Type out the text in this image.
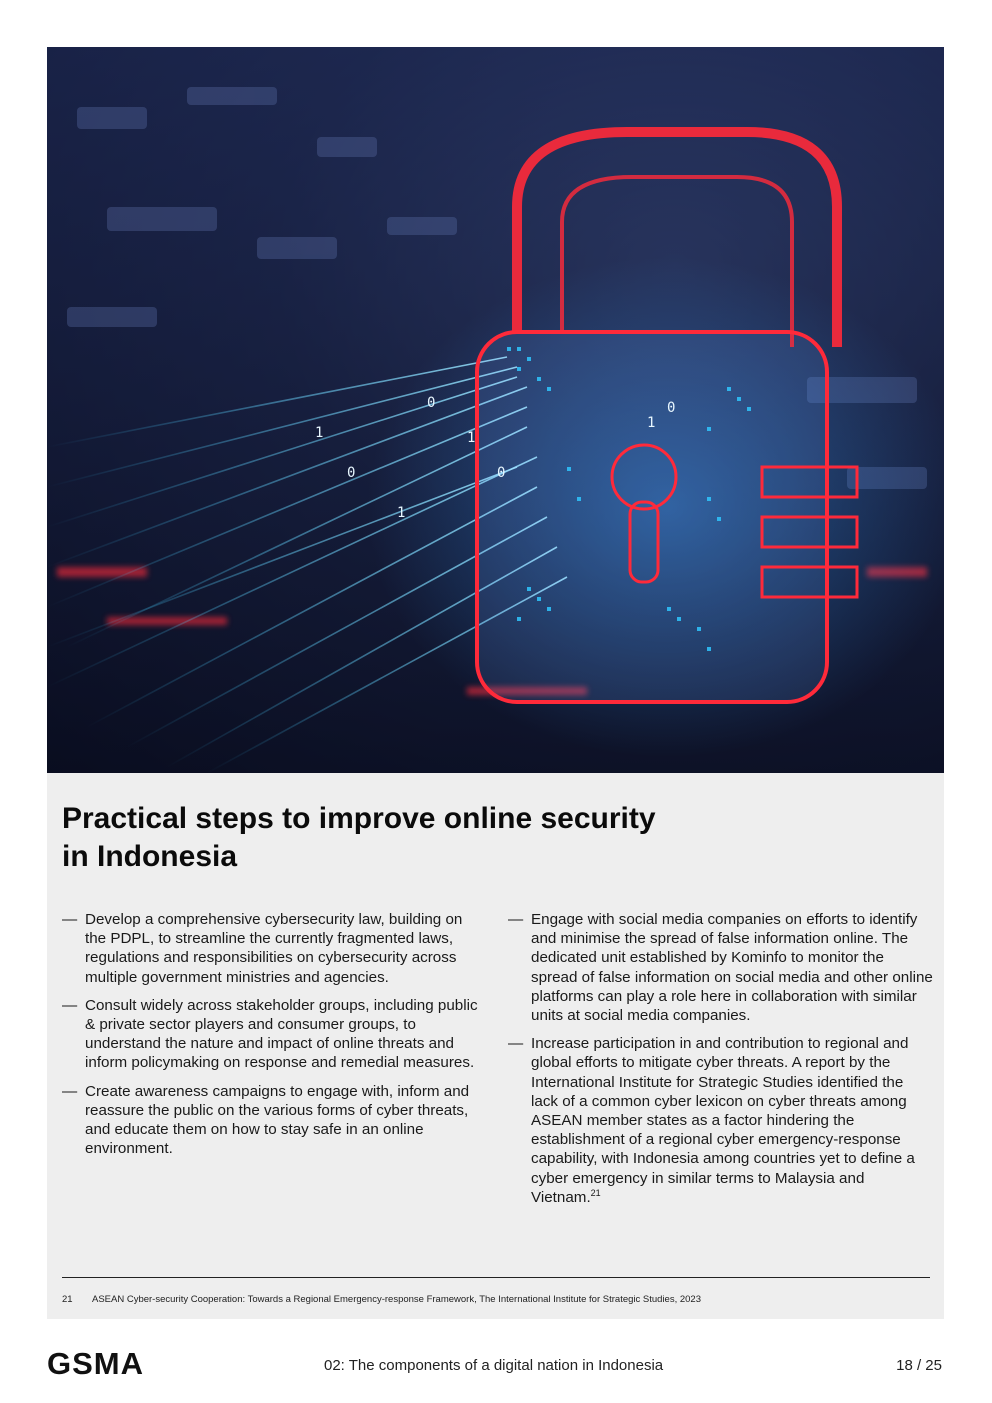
1
0
0
1
1
0
0
1
Practical steps to improve online security in Indonesia
— Develop a comprehensive cybersecurity law, building on the PDPL, to streamline the currently fragmented laws, regulations and responsibilities on cybersecurity across multiple government ministries and agencies.
— Consult widely across stakeholder groups, including public & private sector players and consumer groups, to understand the nature and impact of online threats and inform policymaking on response and remedial measures.
— Create awareness campaigns to engage with, inform and reassure the public on the various forms of cyber threats, and educate them on how to stay safe in an online environment.
— Engage with social media companies on efforts to identify and minimise the spread of false information online. The dedicated unit established by Kominfo to monitor the spread of false information on social media and other online platforms can play a role here in collaboration with similar units at social media companies.
— Increase participation in and contribution to regional and global efforts to mitigate cyber threats. A report by the International Institute for Strategic Studies identified the lack of a common cyber lexicon on cyber threats among ASEAN member states as a factor hindering the establishment of a regional cyber emergency-response capability, with Indonesia among countries yet to define a cyber emergency in similar terms to Malaysia and Vietnam.$^{21}$
21 ASEAN Cyber-security Cooperation: Towards a Regional Emergency-response Framework, The International Institute for Strategic Studies, 2023
GSMA	02: The components of a digital nation in Indonesia	18 / 25
